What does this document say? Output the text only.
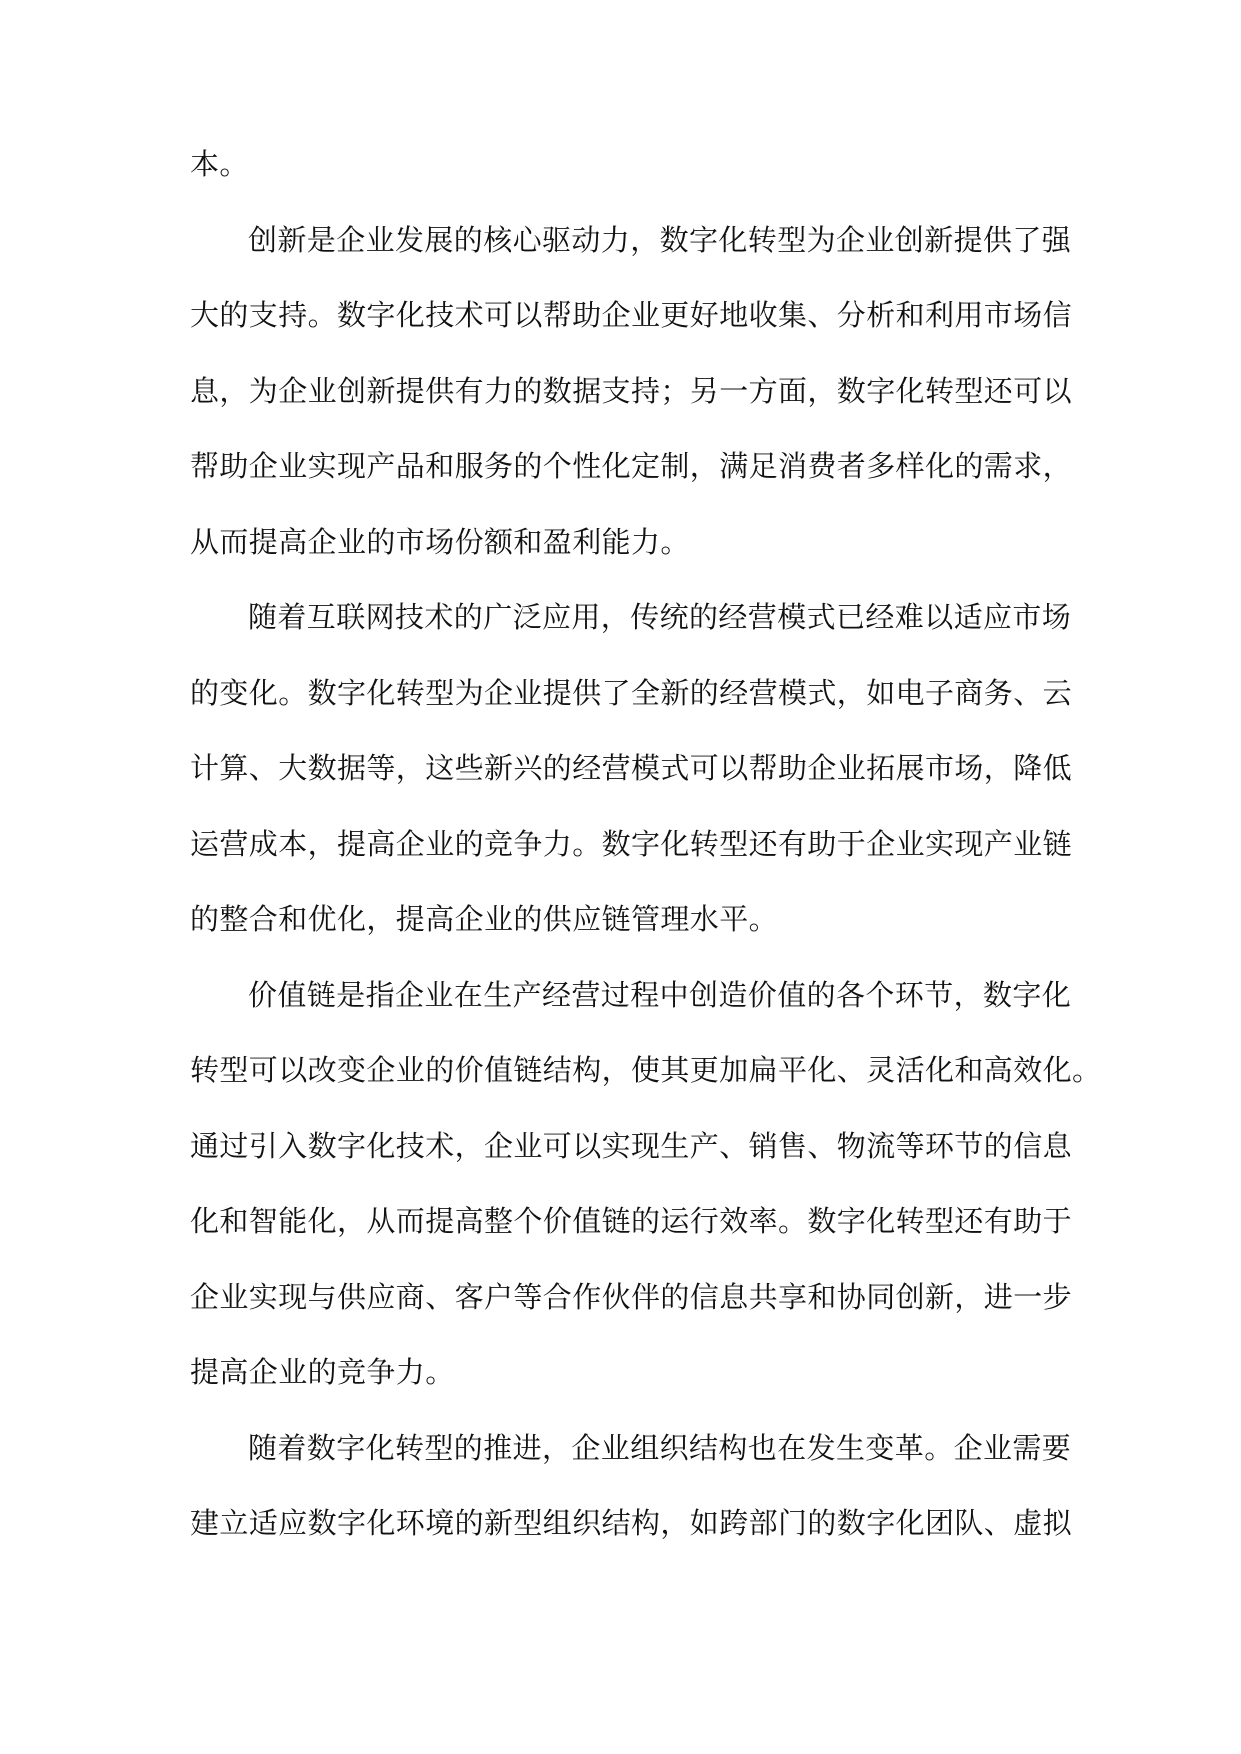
本。
创新是企业发展的核心驱动力，数字化转型为企业创新提供了强
大的支持。数字化技术可以帮助企业更好地收集、分析和利用市场信
息，为企业创新提供有力的数据支持；另一方面，数字化转型还可以
帮助企业实现产品和服务的个性化定制，满足消费者多样化的需求，
从而提高企业的市场份额和盈利能力。
随着互联网技术的广泛应用，传统的经营模式已经难以适应市场
的变化。数字化转型为企业提供了全新的经营模式，如电子商务、云
计算、大数据等，这些新兴的经营模式可以帮助企业拓展市场，降低
运营成本，提高企业的竞争力。数字化转型还有助于企业实现产业链
的整合和优化，提高企业的供应链管理水平。
价值链是指企业在生产经营过程中创造价值的各个环节，数字化
转型可以改变企业的价值链结构，使其更加扁平化、灵活化和高效化。
通过引入数字化技术，企业可以实现生产、销售、物流等环节的信息
化和智能化，从而提高整个价值链的运行效率。数字化转型还有助于
企业实现与供应商、客户等合作伙伴的信息共享和协同创新，进一步
提高企业的竞争力。
随着数字化转型的推进，企业组织结构也在发生变革。企业需要
建立适应数字化环境的新型组织结构，如跨部门的数字化团队、虚拟
